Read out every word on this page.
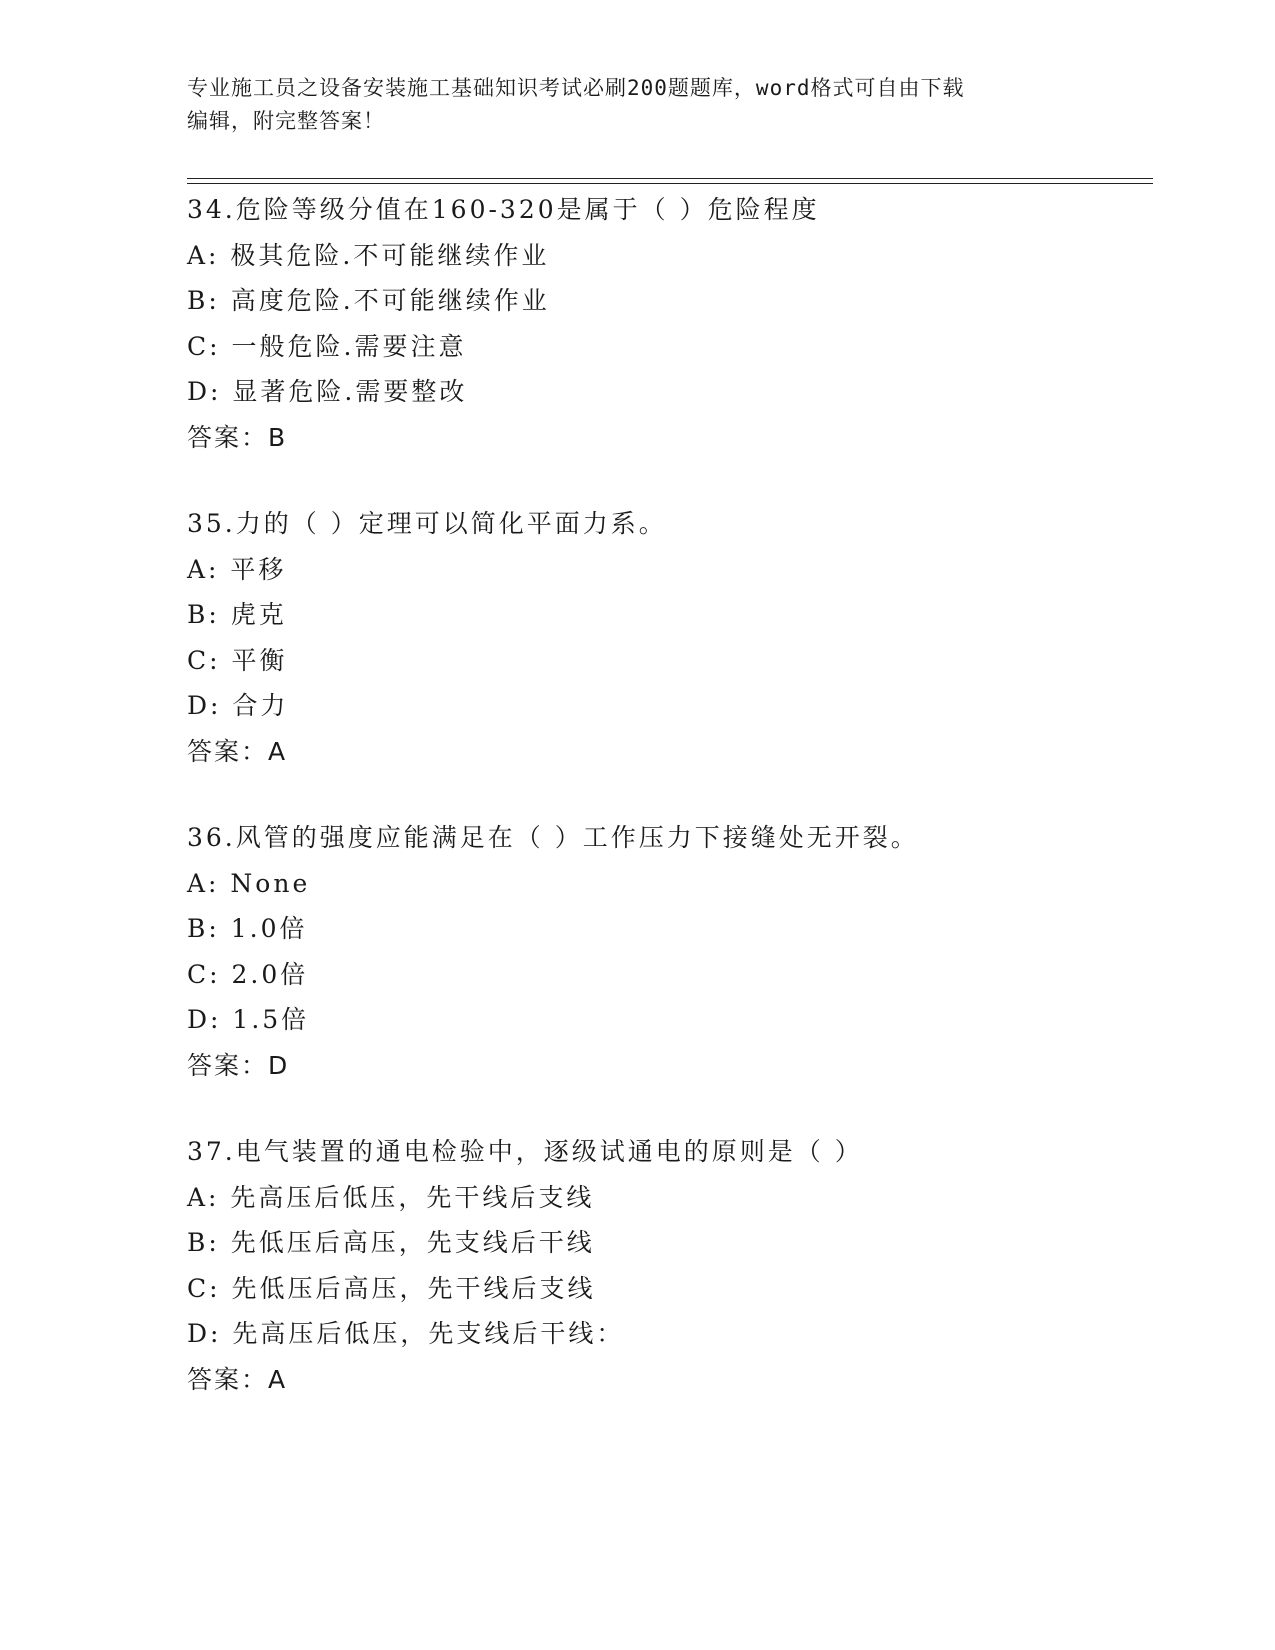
专业施工员之设备安装施工基础知识考试必刷200题题库，word格式可自由下载
编辑，附完整答案！
34.危险等级分值在160-320是属于（ ）危险程度
A: 极其危险.不可能继续作业
B: 高度危险.不可能继续作业
C: 一般危险.需要注意
D: 显著危险.需要整改
答案：B
35.力的（ ）定理可以简化平面力系。
A: 平移
B: 虎克
C: 平衡
D: 合力
答案：A
36.风管的强度应能满足在（ ）工作压力下接缝处无开裂。
A: None
B: 1.0倍
C: 2.0倍
D: 1.5倍
答案：D
37.电气装置的通电检验中，逐级试通电的原则是（ ）
A: 先高压后低压，先干线后支线
B: 先低压后高压，先支线后干线
C: 先低压后高压，先干线后支线
D: 先高压后低压，先支线后干线：
答案：A
